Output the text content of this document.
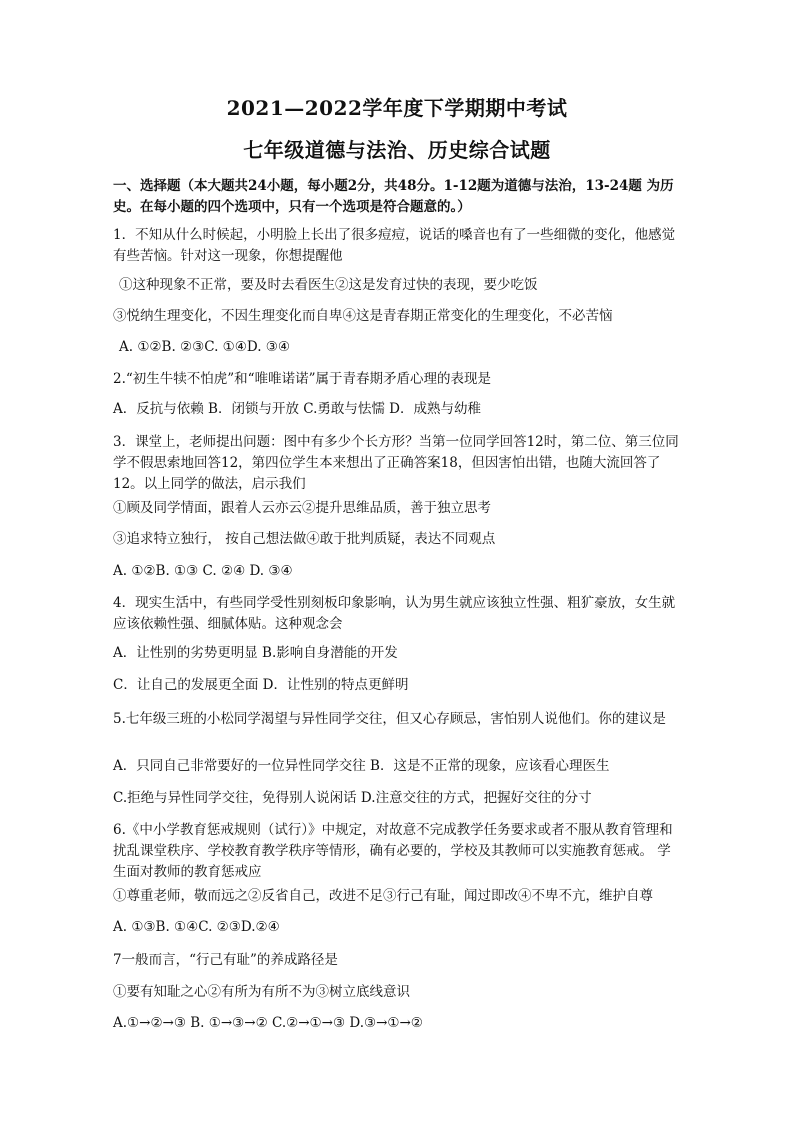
2021—2022学年度下学期期中考试
七年级道德与法治、历史综合试题
一、选择题（本大题共24小题，每小题2分，共48分。1-12题为道德与法治，13-24题 为历史。在每小题的四个选项中，只有一个选项是符合题意的。）
1．不知从什么时候起，小明脸上长出了很多痘痘，说话的嗓音也有了一些细微的变化，他感觉有些苦恼。针对这一现象，你想提醒他
①这种现象不正常，要及时去看医生②这是发育过快的表现，要少吃饭
③悦纳生理变化，不因生理变化而自卑④这是青春期正常变化的生理变化，不必苦恼
A. ①②B. ②③C. ①④D. ③④
2.“初生牛犊不怕虎”和“唯唯诺诺”属于青春期矛盾心理的表现是
A．反抗与依赖 B．闭锁与开放 C.勇敢与怯懦 D．成熟与幼稚
3．课堂上，老师提出问题：图中有多少个长方形？当第一位同学回答12时，第二位、第三位同学不假思索地回答12，第四位学生本来想出了正确答案18，但因害怕出错，也随大流回答了12。以上同学的做法，启示我们
①顾及同学情面，跟着人云亦云②提升思维品质，善于独立思考
③追求特立独行， 按自己想法做④敢于批判质疑，表达不同观点
A. ①②B. ①③ C. ②④ D. ③④
4．现实生活中，有些同学受性别刻板印象影响，认为男生就应该独立性强、粗犷豪放，女生就应该依赖性强、细腻体贴。这种观念会
A．让性别的劣势更明显 B.影响自身潜能的开发
C．让自己的发展更全面 D．让性别的特点更鲜明
5.七年级三班的小松同学渴望与异性同学交往，但又心存顾忌，害怕别人说他们。你的建议是
A．只同自己非常要好的一位异性同学交往 B．这是不正常的现象，应该看心理医生
C.拒绝与异性同学交往，免得别人说闲话 D.注意交往的方式，把握好交往的分寸
6.《中小学教育惩戒规则（试行）》中规定，对故意不完成教学任务要求或者不服从教育管理和扰乱课堂秩序、学校教育教学秩序等情形，确有必要的，学校及其教师可以实施教育惩戒。 学生面对教师的教育惩戒应
①尊重老师，敬而远之②反省自己，改进不足③行己有耻，闻过即改④不卑不亢，维护自尊
A. ①③B. ①④C. ②③D.②④
7一般而言，“行己有耻”的养成路径是
①要有知耻之心②有所为有所不为③树立底线意识
A.①→②→③ B. ①→③→② C.②→①→③ D.③→①→②
